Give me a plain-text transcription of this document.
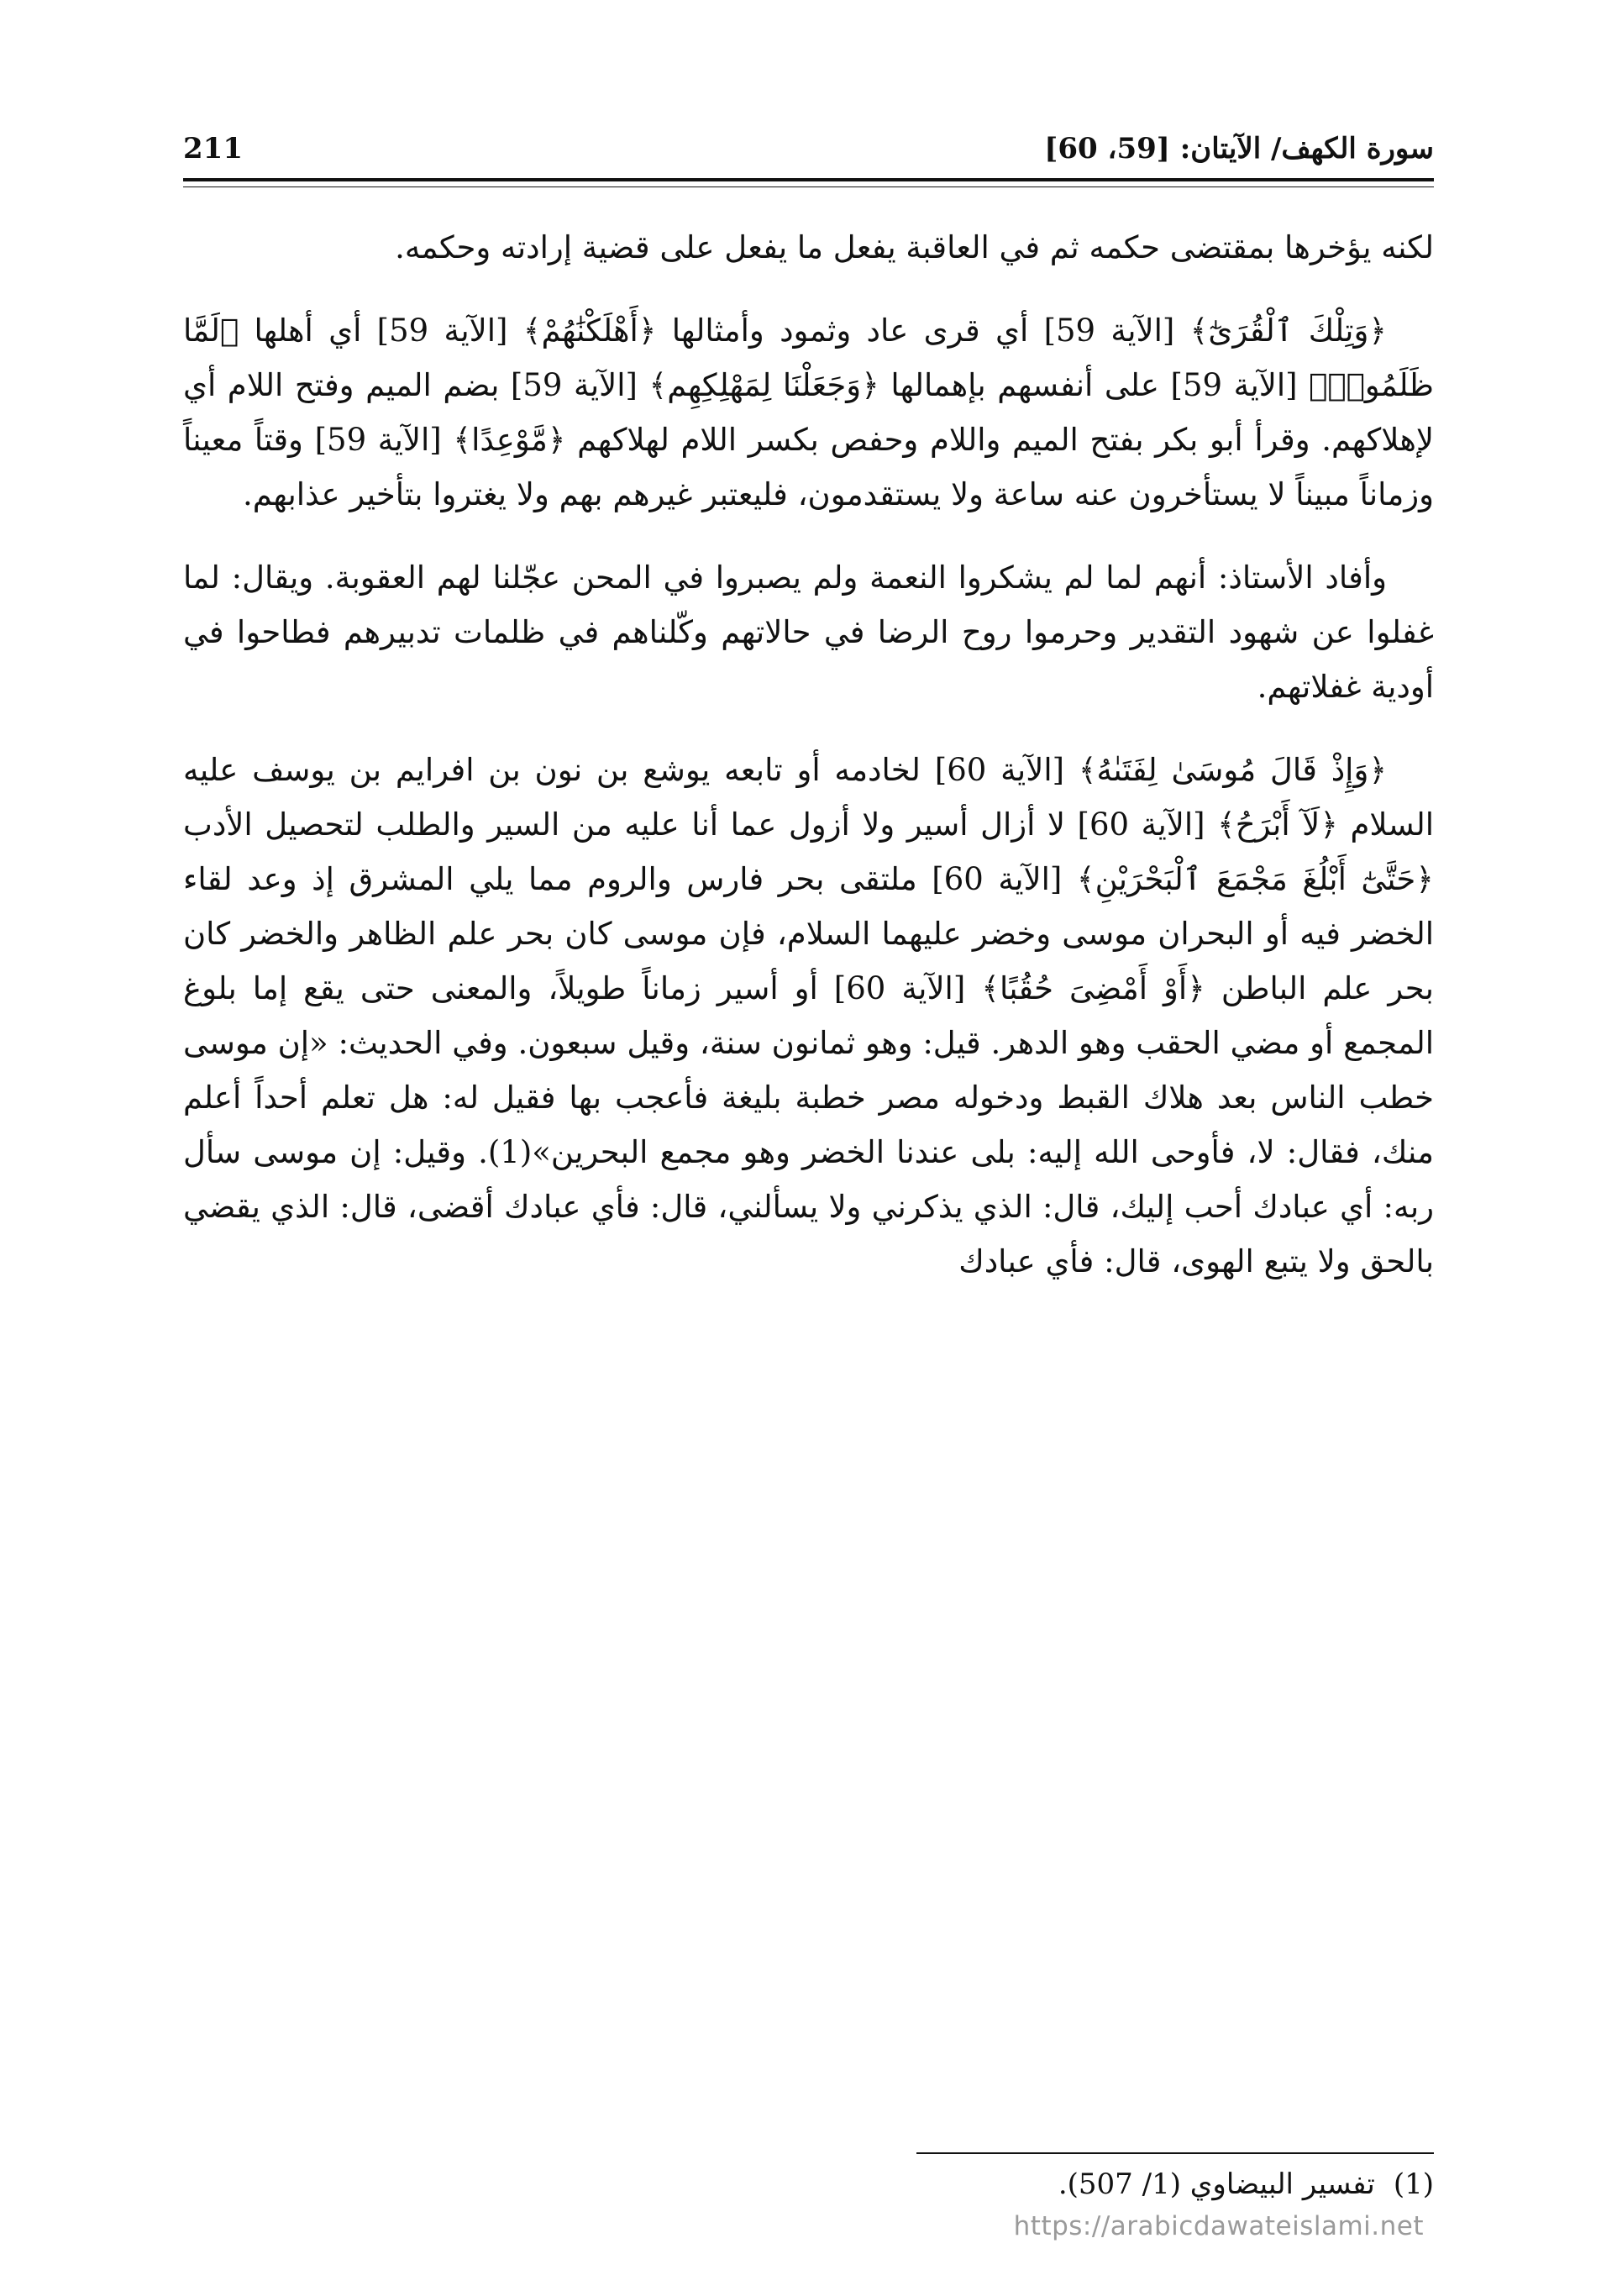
سورة الكهف/ الآيتان: [59، 60]
211

لكنه يؤخرها بمقتضى حكمه ثم في العاقبة يفعل ما يفعل على قضية إرادته وحكمه.

﴿وَتِلْكَ ٱلْقُرَىٰٓ﴾ [الآية 59] أي قرى عاد وثمود وأمثالها ﴿أَهْلَكْنَٰهُمْ﴾ [الآية 59] أي أهلها ﴿لَمَّا ظَلَمُوا۟﴾ [الآية 59] على أنفسهم بإهمالها ﴿وَجَعَلْنَا لِمَهْلِكِهِم﴾ [الآية 59] بضم الميم وفتح اللام أي لإهلاكهم. وقرأ أبو بكر بفتح الميم واللام وحفص بكسر اللام لهلاكهم ﴿مَّوْعِدًا﴾ [الآية 59] وقتاً معيناً وزماناً مبيناً لا يستأخرون عنه ساعة ولا يستقدمون، فليعتبر غيرهم بهم ولا يغتروا بتأخير عذابهم.

وأفاد الأستاذ: أنهم لما لم يشكروا النعمة ولم يصبروا في المحن عجّلنا لهم العقوبة. ويقال: لما غفلوا عن شهود التقدير وحرموا روح الرضا في حالاتهم وكّلناهم في ظلمات تدبيرهم فطاحوا في أودية غفلاتهم.

﴿وَإِذْ قَالَ مُوسَىٰ لِفَتَىٰهُ﴾ [الآية 60] لخادمه أو تابعه يوشع بن نون بن افرايم بن يوسف عليه السلام ﴿لَآ أَبْرَحُ﴾ [الآية 60] لا أزال أسير ولا أزول عما أنا عليه من السير والطلب لتحصيل الأدب ﴿حَتَّىٰٓ أَبْلُغَ مَجْمَعَ ٱلْبَحْرَيْنِ﴾ [الآية 60] ملتقى بحر فارس والروم مما يلي المشرق إذ وعد لقاء الخضر فيه أو البحران موسى وخضر عليهما السلام، فإن موسى كان بحر علم الظاهر والخضر كان بحر علم الباطن ﴿أَوْ أَمْضِىَ حُقُبًا﴾ [الآية 60] أو أسير زماناً طويلاً، والمعنى حتى يقع إما بلوغ المجمع أو مضي الحقب وهو الدهر. قيل: وهو ثمانون سنة، وقيل سبعون. وفي الحديث: «إن موسى خطب الناس بعد هلاك القبط ودخوله مصر خطبة بليغة فأعجب بها فقيل له: هل تعلم أحداً أعلم منك، فقال: لا، فأوحى الله إليه: بلى عندنا الخضر وهو مجمع البحرين»(1). وقيل: إن موسى سأل ربه: أي عبادك أحب إليك، قال: الذي يذكرني ولا يسألني، قال: فأي عبادك أقضى، قال: الذي يقضي بالحق ولا يتبع الهوى، قال: فأي عبادك

(1)تفسير البيضاوي (1/ 507).
https://arabicdawateislami.net
